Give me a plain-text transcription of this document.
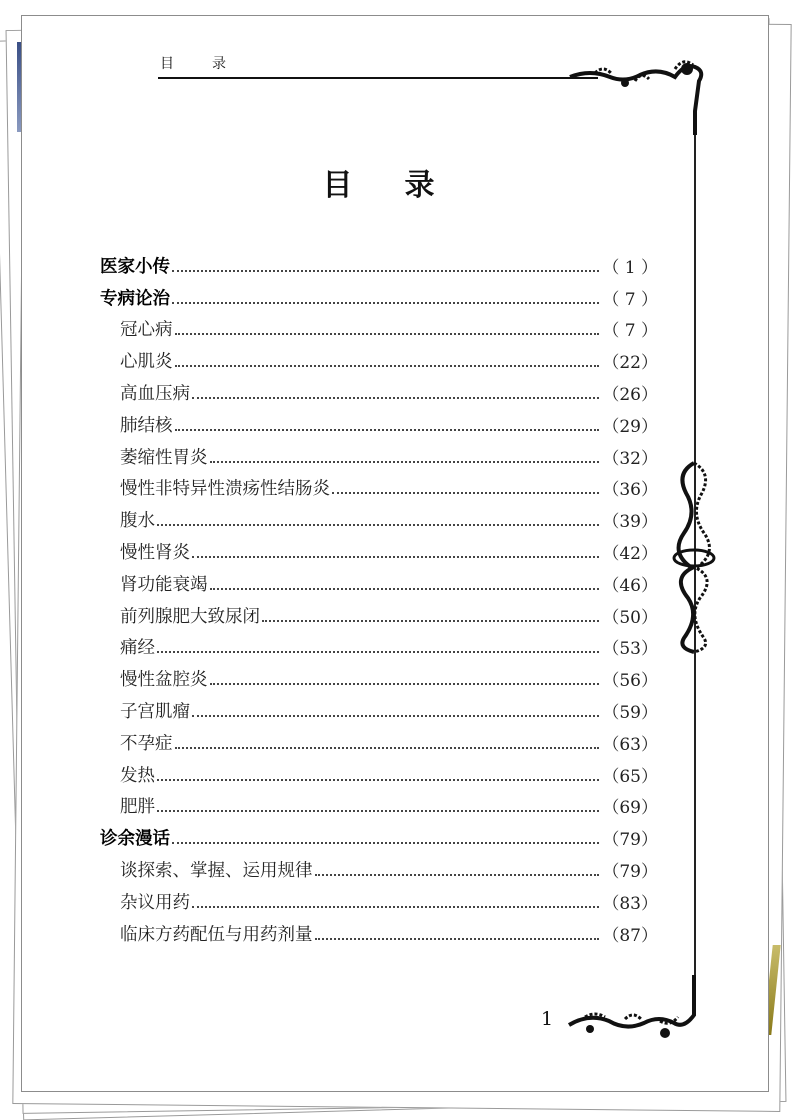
目录
目录
医家小传	（ 1 ）
专病论治	（ 7 ）
冠心病	（ 7 ）
心肌炎	（22）
高血压病	（26）
肺结核	（29）
萎缩性胃炎	（32）
慢性非特异性溃疡性结肠炎	（36）
腹水	（39）
慢性肾炎	（42）
肾功能衰竭	（46）
前列腺肥大致尿闭	（50）
痛经	（53）
慢性盆腔炎	（56）
子宫肌瘤	（59）
不孕症	（63）
发热	（65）
肥胖	（69）
诊余漫话	（79）
谈探索、掌握、运用规律	（79）
杂议用药	（83）
临床方药配伍与用药剂量	（87）
1
